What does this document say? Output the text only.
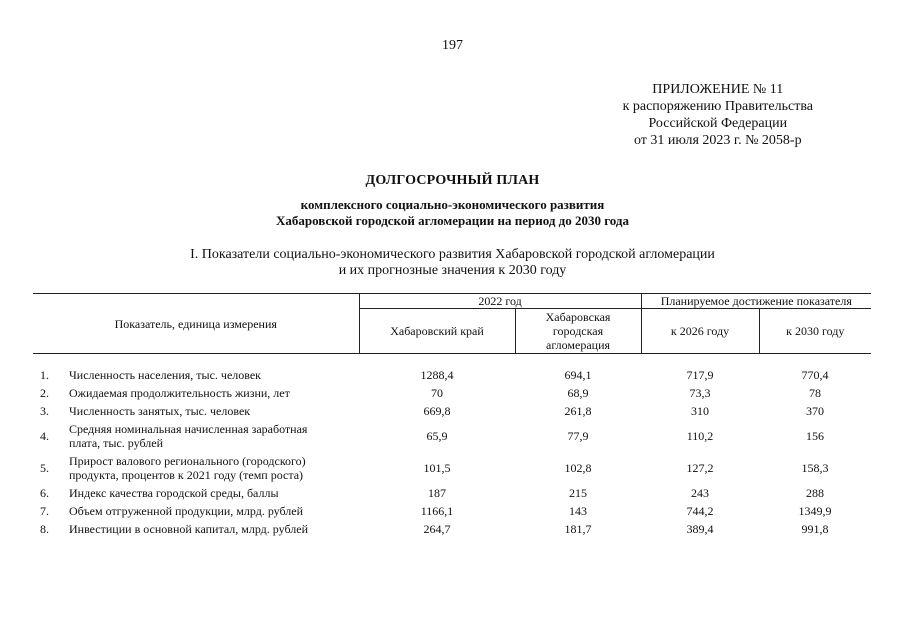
197
ПРИЛОЖЕНИЕ № 11
к распоряжению Правительства
Российской Федерации
от 31 июля 2023 г. № 2058-р
ДОЛГОСРОЧНЫЙ ПЛАН
комплексного социально-экономического развития
Хабаровской городской агломерации на период до 2030 года
I. Показатели социально-экономического развития Хабаровской городской агломерации
и их прогнозные значения к 2030 году
Показатель, единица измерения		2022 год		Планируемое достижение показателя	
		Хабаровский край	Хабаровская
городская
агломерация	к 2026 году	к 2030 году

1.	Численность населения, тыс. человек	1288,4	694,1	717,9	770,4
2.	Ожидаемая продолжительность жизни, лет	70	68,9	73,3	78
3.	Численность занятых, тыс. человек	669,8	261,8	310	370
4.	Средняя номинальная начисленная заработная
плата, тыс. рублей	65,9	77,9	110,2	156
5.	Прирост валового регионального (городского)
продукта, процентов к 2021 году (темп роста)	101,5	102,8	127,2	158,3
6.	Индекс качества городской среды, баллы	187	215	243	288
7.	Объем отгруженной продукции, млрд. рублей	1166,1	143	744,2	1349,9
8.	Инвестиции в основной капитал, млрд. рублей	264,7	181,7	389,4	991,8
